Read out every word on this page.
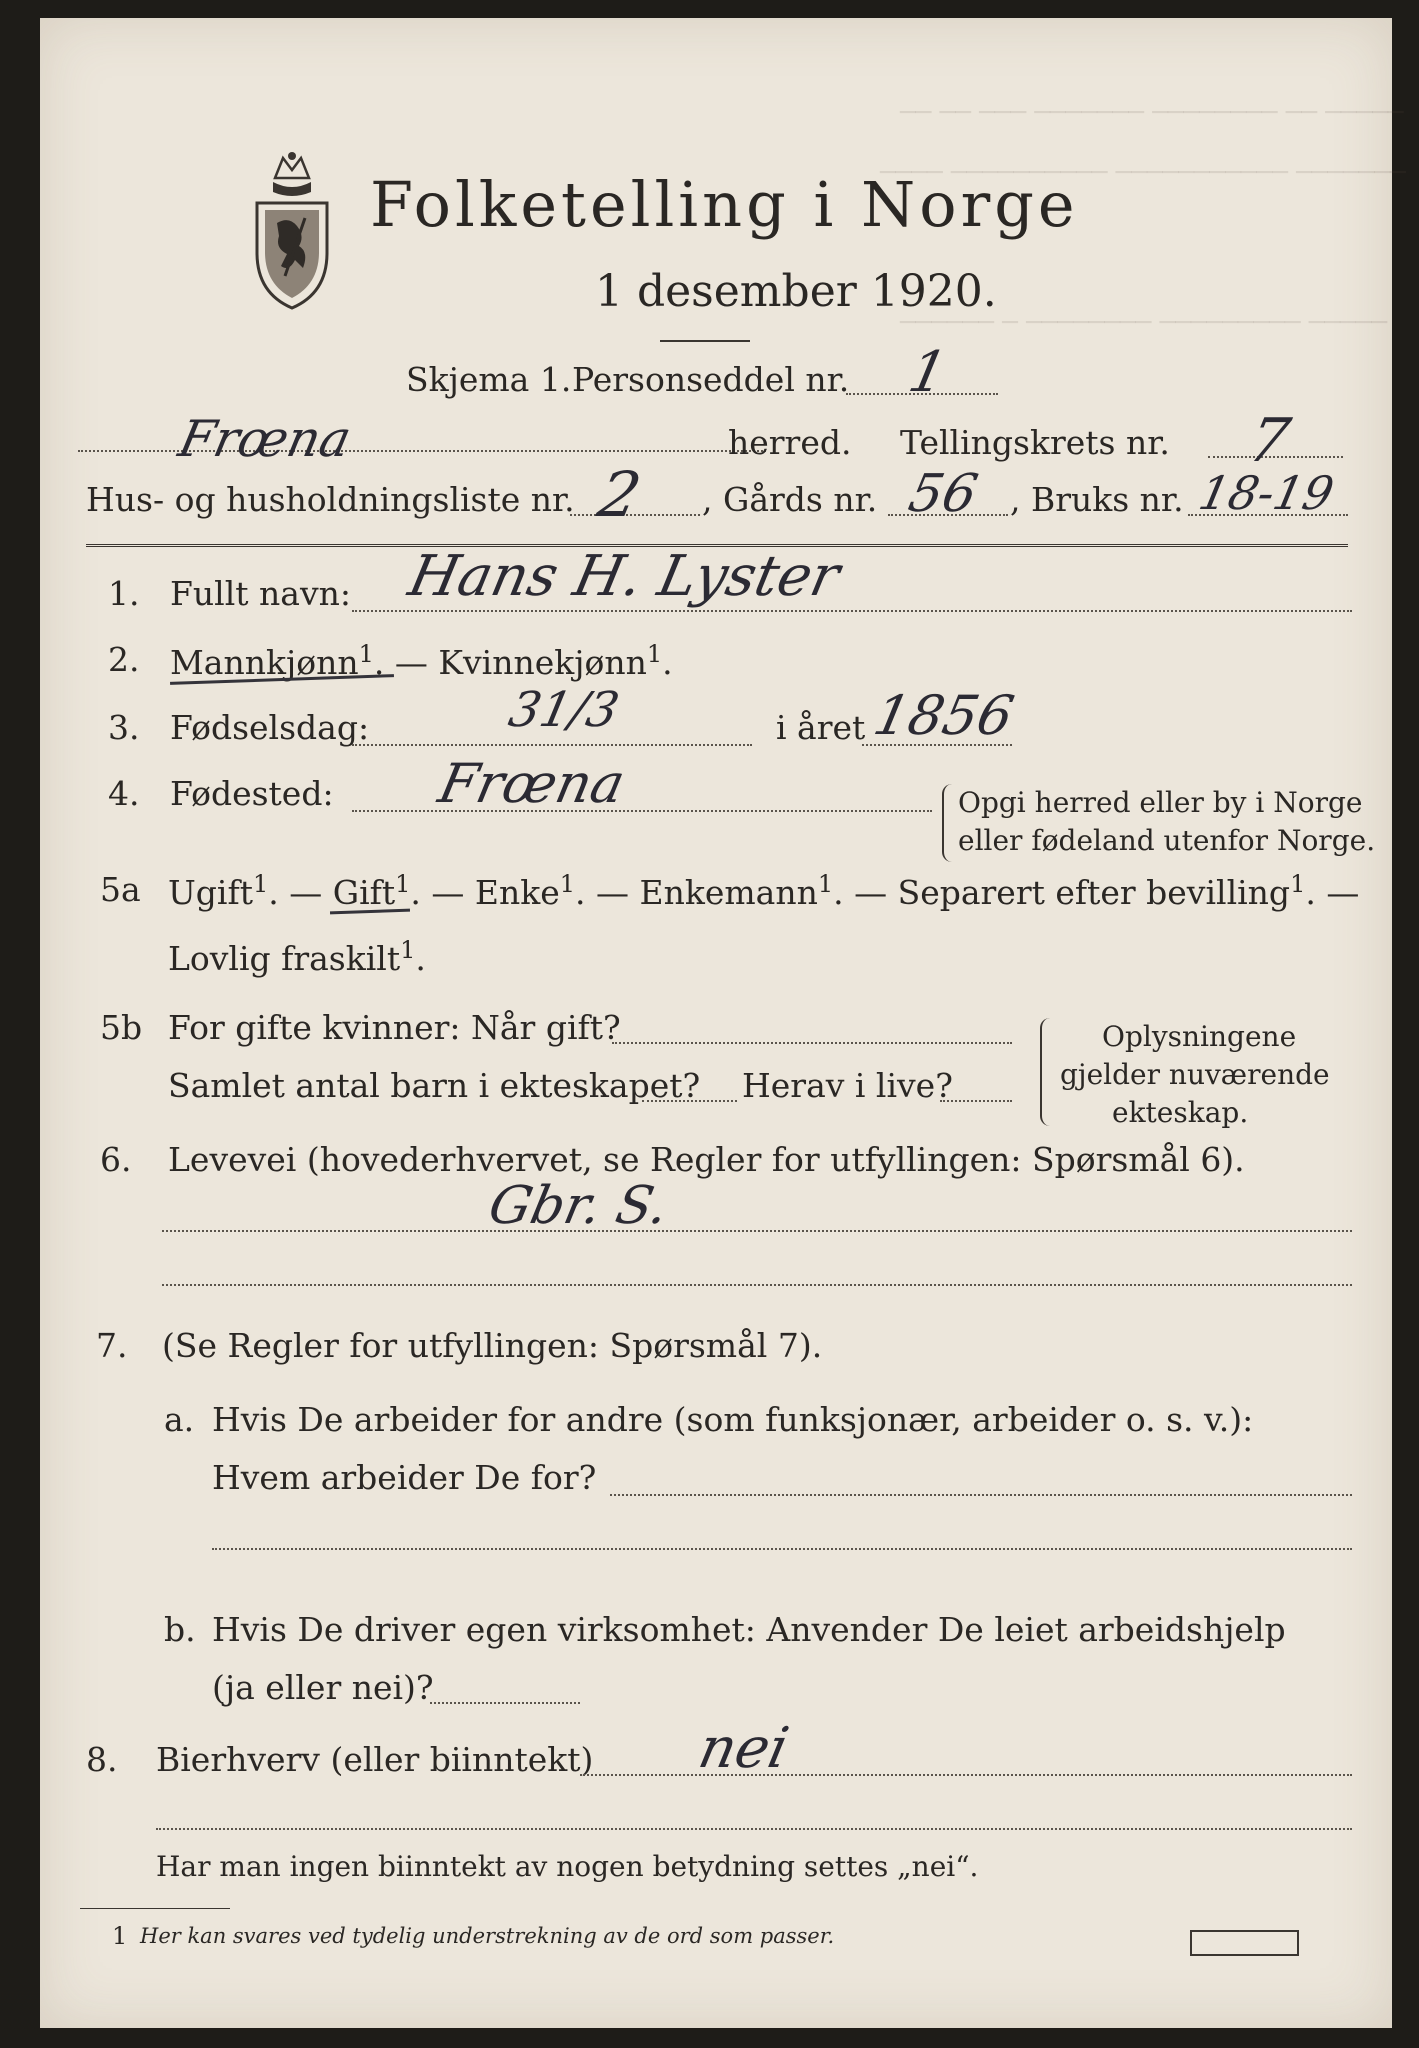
── ── ─── ─────── ──────── ── ─────
──── ────────── ─────────── ───────
────── ─ ──────── ───────── ─────
Folketelling i Norge
1 desember 1920.
Skjema 1. Personseddel nr. 1
Frœna	herred. Tellingskrets nr. 7
Hus- og husholdningsliste nr. 2 , Gårds nr. 56 , Bruks nr. 18-19
1. Fullt navn: Hans H. Lyster
2. Mannkjønn$^1$. — Kvinnekjønn$^1$.
3. Fødselsdag:	31/3	i året 1856
4. Fødested: Frœna	Opgi herred eller by i Norge
eller fødeland utenfor Norge.
5a Ugift$^1$. — Gift$^1$. — Enke$^1$. — Enkemann$^1$. — Separert efter bevilling$^1$. —
Lovlig fraskilt$^1$.
5b For gifte kvinner: Når gift?
Samlet antal barn i ekteskapet? Herav i live?
Oplysningene
gjelder nuværende
ekteskap.
6. Levevei (hovederhvervet, se Regler for utfyllingen: Spørsmål 6).
Gbr. S.
7. (Se Regler for utfyllingen: Spørsmål 7).
a. Hvis De arbeider for andre (som funksjonær, arbeider o. s. v.):
Hvem arbeider De for?
b. Hvis De driver egen virksomhet: Anvender De leiet arbeidshjelp
(ja eller nei)?
8. Bierhverv (eller biinntekt) nei
Har man ingen biinntekt av nogen betydning settes „nei“.
1 Her kan svares ved tydelig understrekning av de ord som passer.
